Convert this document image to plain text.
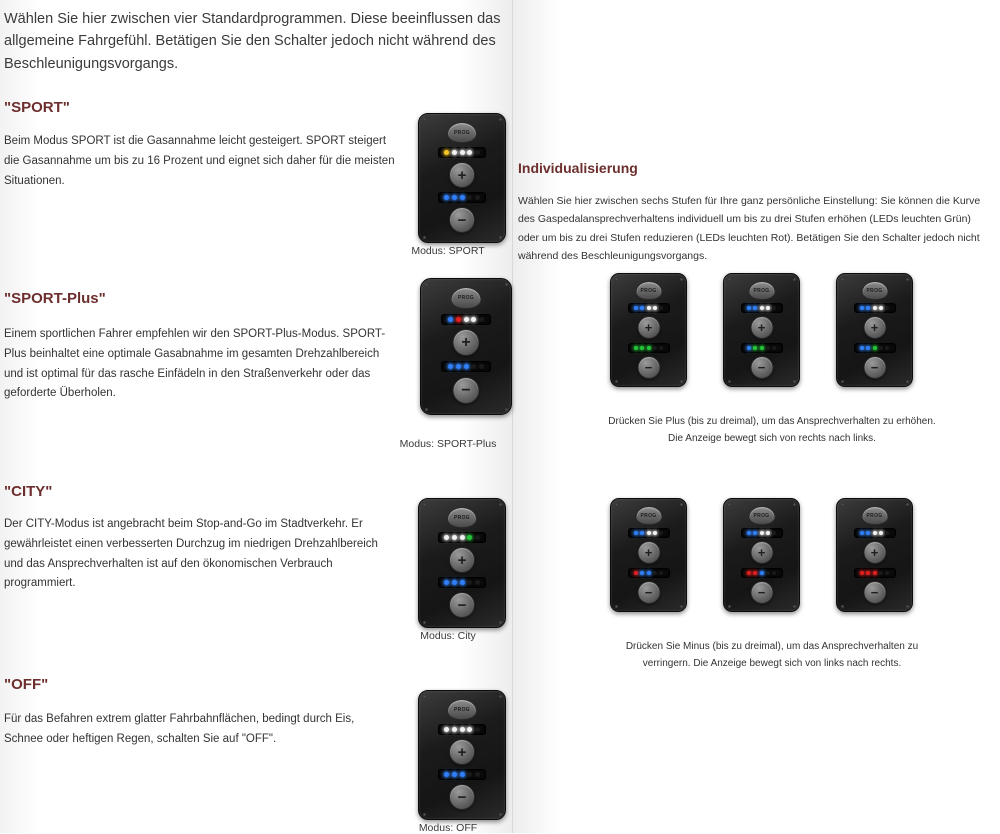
Wählen Sie hier zwischen vier Standardprogrammen. Diese beeinflussen das allgemeine Fahrgefühl. Betätigen Sie den Schalter jedoch nicht während des Beschleunigungsvorgangs.
"SPORT"
Beim Modus SPORT ist die Gasannahme leicht gesteigert. SPORT steigert die Gasannahme um bis zu 16 Prozent und eignet sich daher für die meisten Situationen.
Modus: SPORT
"SPORT-Plus"
Einem sportlichen Fahrer empfehlen wir den SPORT-Plus-Modus. SPORT-Plus beinhaltet eine optimale Gasabnahme im gesamten Drehzahlbereich und ist optimal für das rasche Einfädeln in den Straßenverkehr oder das geforderte Überholen.
Modus: SPORT-Plus
"CITY"
Der CITY-Modus ist angebracht beim Stop-and-Go im Stadtverkehr. Er gewährleistet einen verbesserten Durchzug im niedrigen Drehzahlbereich und das Ansprechverhalten ist auf den ökonomischen Verbrauch programmiert.
Modus: City
"OFF"
Für das Befahren extrem glatter Fahrbahnflächen, bedingt durch Eis, Schnee oder heftigen Regen, schalten Sie auf "OFF".
Modus: OFF
Individualisierung
Wählen Sie hier zwischen sechs Stufen für Ihre ganz persönliche Einstellung: Sie können die Kurve des Gaspedalansprechverhaltens individuell um bis zu drei Stufen erhöhen (LEDs leuchten Grün) oder um bis zu drei Stufen reduzieren (LEDs leuchten Rot). Betätigen Sie den Schalter jedoch nicht während des Beschleunigungsvorgangs.
Drücken Sie Plus (bis zu dreimal), um das Ansprechverhalten zu erhöhen. Die Anzeige bewegt sich von rechts nach links.
Drücken Sie Minus (bis zu dreimal), um das Ansprechverhalten zu verringern. Die Anzeige bewegt sich von links nach rechts.
PROG
+
−
PROG
+
−
PROG
+
−
PROG
+
−
PROG
+
−
PROG
+
−
PROG
+
−
PROG
+
−
PROG
+
−
PROG
+
−
